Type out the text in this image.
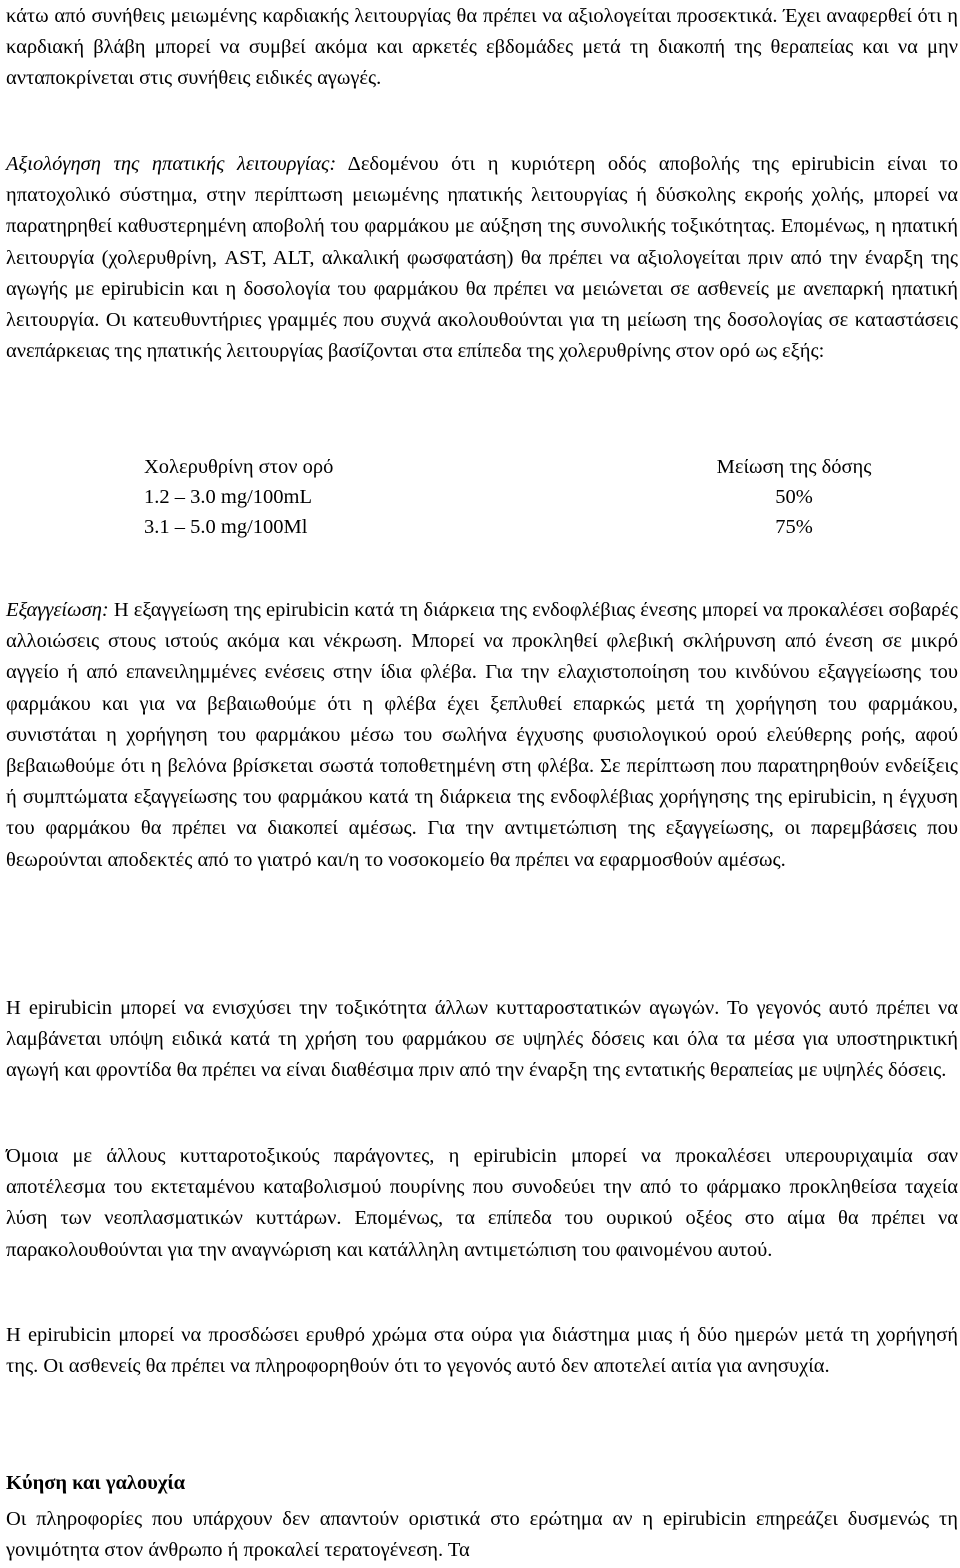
κάτω από συνήθεις μειωμένης καρδιακής λειτουργίας θα πρέπει να αξιολογείται προσεκτικά. Έχει αναφερθεί ότι η καρδιακή βλάβη μπορεί να συμβεί ακόμα και αρκετές εβδομάδες μετά τη διακοπή της θεραπείας και να μην ανταποκρίνεται στις συνήθεις ειδικές αγωγές.

Αξιολόγηση της ηπατικής λειτουργίας: Δεδομένου ότι η κυριότερη οδός αποβολής της epirubicin είναι το ηπατοχολικό σύστημα, στην περίπτωση μειωμένης ηπατικής λειτουργίας ή δύσκολης εκροής χολής, μπορεί να παρατηρηθεί καθυστερημένη αποβολή του φαρμάκου με αύξηση της συνολικής τοξικότητας. Επομένως, η ηπατική λειτουργία (χολερυθρίνη, AST, ALT, αλκαλική φωσφατάση) θα πρέπει να αξιολογείται πριν από την έναρξη της αγωγής με epirubicin και η δοσολογία του φαρμάκου θα πρέπει να μειώνεται σε ασθενείς με ανεπαρκή ηπατική λειτουργία. Οι κατευθυντήριες γραμμές που συχνά ακολουθούνται για τη μείωση της δοσολογίας σε καταστάσεις ανεπάρκειας της ηπατικής λειτουργίας βασίζονται στα επίπεδα της χολερυθρίνης στον ορό ως εξής:

Χολερυθρίνη στον ορό	Μείωση της δόσης
1.2 – 3.0 mg/100mL	50%
3.1 – 5.0 mg/100Ml	75%

Εξαγγείωση: Η εξαγγείωση της epirubicin κατά τη διάρκεια της ενδοφλέβιας ένεσης μπορεί να προκαλέσει σοβαρές αλλοιώσεις στους ιστούς ακόμα και νέκρωση. Μπορεί να προκληθεί φλεβική σκλήρυνση από ένεση σε μικρό αγγείο ή από επανειλημμένες ενέσεις στην ίδια φλέβα. Για την ελαχιστοποίηση του κινδύνου εξαγγείωσης του φαρμάκου και για να βεβαιωθούμε ότι η φλέβα έχει ξεπλυθεί επαρκώς μετά τη χορήγηση του φαρμάκου, συνιστάται η χορήγηση του φαρμάκου μέσω του σωλήνα έγχυσης φυσιολογικού ορού ελεύθερης ροής, αφού βεβαιωθούμε ότι η βελόνα βρίσκεται σωστά τοποθετημένη στη φλέβα. Σε περίπτωση που παρατηρηθούν ενδείξεις ή συμπτώματα εξαγγείωσης του φαρμάκου κατά τη διάρκεια της ενδοφλέβιας χορήγησης της epirubicin, η έγχυση του φαρμάκου θα πρέπει να διακοπεί αμέσως. Για την αντιμετώπιση της εξαγγείωσης, οι παρεμβάσεις που θεωρούνται αποδεκτές από το γιατρό και/η το νοσοκομείο θα πρέπει να εφαρμοσθούν αμέσως.

Η epirubicin μπορεί να ενισχύσει την τοξικότητα άλλων κυτταροστατικών αγωγών. Το γεγονός αυτό πρέπει να λαμβάνεται υπόψη ειδικά κατά τη χρήση του φαρμάκου σε υψηλές δόσεις και όλα τα μέσα για υποστηρικτική αγωγή και φροντίδα θα πρέπει να είναι διαθέσιμα πριν από την έναρξη της εντατικής θεραπείας με υψηλές δόσεις.

Όμοια με άλλους κυτταροτοξικούς παράγοντες, η epirubicin μπορεί να προκαλέσει υπερουριχαιμία σαν αποτέλεσμα του εκτεταμένου καταβολισμού πουρίνης που συνοδεύει την από το φάρμακο προκληθείσα ταχεία λύση των νεοπλασματικών κυττάρων. Επομένως, τα επίπεδα του ουρικού οξέος στο αίμα θα πρέπει να παρακολουθούνται για την αναγνώριση και κατάλληλη αντιμετώπιση του φαινομένου αυτού.

Η epirubicin μπορεί να προσδώσει ερυθρό χρώμα στα ούρα για διάστημα μιας ή δύο ημερών μετά τη χορήγησή της. Οι ασθενείς θα πρέπει να πληροφορηθούν ότι το γεγονός αυτό δεν αποτελεί αιτία για ανησυχία.

Κύηση και γαλουχία

Οι πληροφορίες που υπάρχουν δεν απαντούν οριστικά στο ερώτημα αν η epirubicin επηρεάζει δυσμενώς τη γονιμότητα στον άνθρωπο ή προκαλεί τερατογένεση. Τα
